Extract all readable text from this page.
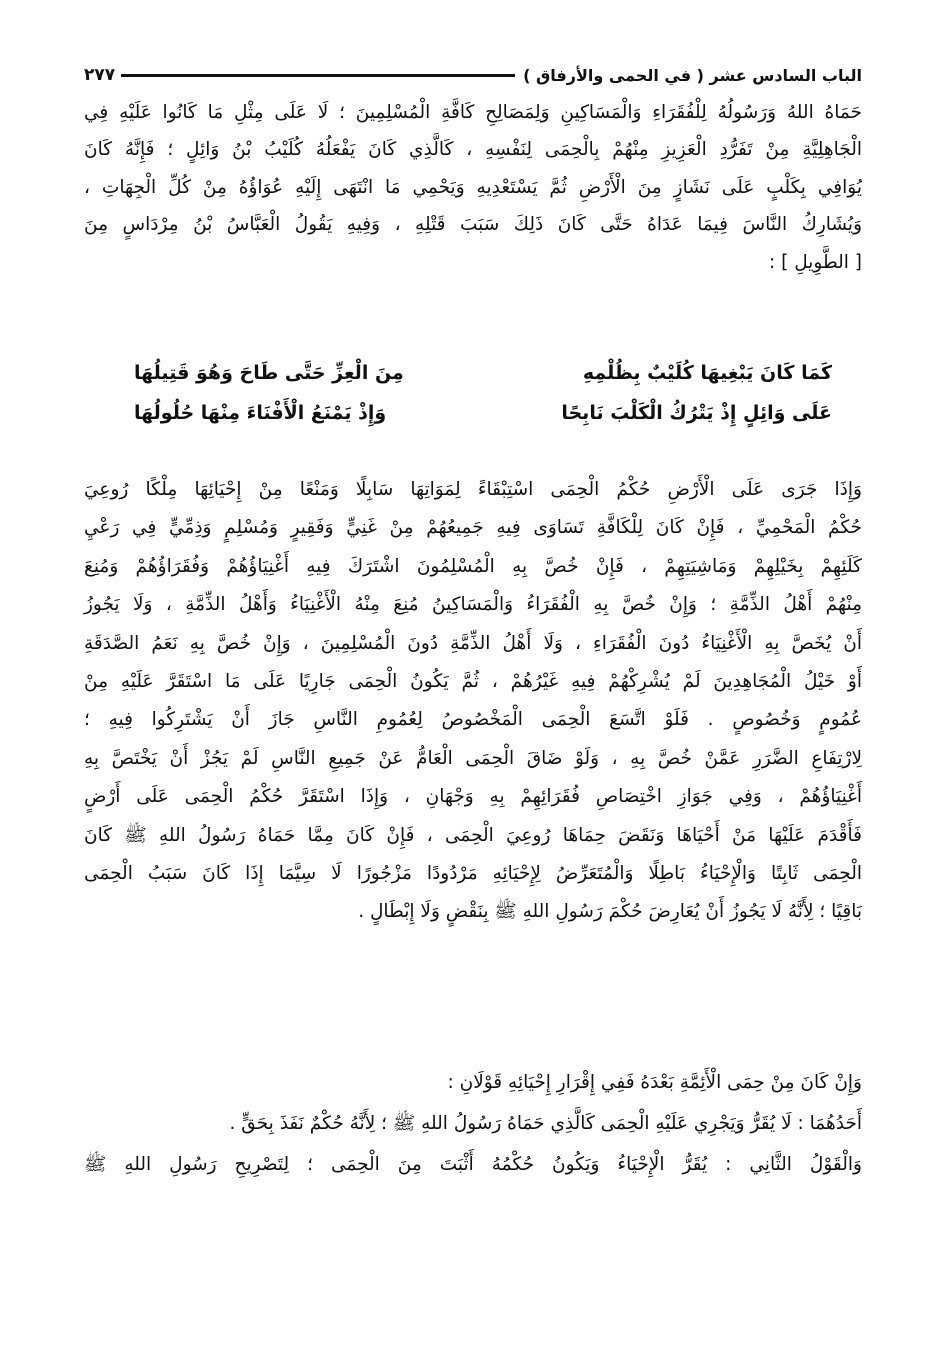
٢٧٧	الباب السادس عشر ( في الحمى والأرفاق )
حَمَاهُ اللهُ وَرَسُولُهُ لِلْفُقَرَاءِ وَالْمَسَاكِينِ وَلِمَصَالِحِ كَافَّةِ الْمُسْلِمِينَ ؛ لَا عَلَى مِثْلِ مَا كَانُوا عَلَيْهِ فِي
الْجَاهِلِيَّةِ مِنْ تَفَرُّدِ الْعَزِيزِ مِنْهُمْ بِالْحِمَى لِنَفْسِهِ ، كَالَّذِي كَانَ يَفْعَلُهُ كُلَيْبُ بْنُ وَائِلٍ ؛ فَإِنَّهُ كَانَ
يُوَافِي بِكَلْبٍ عَلَى نَشَازٍ مِنَ الْأَرْضِ ثُمَّ يَسْتَعْدِيهِ وَيَحْمِي مَا انْتَهَى إِلَيْهِ عُوَاؤُهُ مِنْ كُلِّ الْجِهَاتِ ،
وَيُشَارِكُ النَّاسَ فِيمَا عَدَاهُ حَتَّى كَانَ ذَلِكَ سَبَبَ قَتْلِهِ ، وَفِيهِ يَقُولُ الْعَبَّاسُ بْنُ مِرْدَاسٍ مِنَ
[ الطَّوِيلِ ] :
كَمَا كَانَ يَبْغِيهَا كُلَيْبٌ بِظُلْمِهِ
مِنَ الْعِزِّ حَتَّى طَاحَ وَهُوَ قَتِيلُهَا
عَلَى وَائِلٍ إِذْ يَتْرُكُ الْكَلْبَ نَابِحًا
وَإِذْ يَمْنَعُ الْأَفْنَاءَ مِنْهَا حُلُولُهَا
وَإِذَا جَرَى عَلَى الْأَرْضِ حُكْمُ الْحِمَى اسْتِبْقَاءً لِمَوَاتِهَا سَابِلًا وَمَنْعًا مِنْ إِحْيَائِهَا مِلْكًا رُوعِيَ
حُكْمُ الْمَحْمِيِّ ، فَإِنْ كَانَ لِلْكَافَّةِ تَسَاوَى فِيهِ جَمِيعُهُمْ مِنْ غَنِيٍّ وَفَقِيرٍ وَمُسْلِمٍ وَذِمِّيٍّ فِي رَعْيِ
كَلَئِهِمْ بِخَيْلِهِمْ وَمَاشِيَتِهِمْ ، فَإِنْ خُصَّ بِهِ الْمُسْلِمُونَ اشْتَرَكَ فِيهِ أَغْنِيَاؤُهُمْ وَفُقَرَاؤُهُمْ وَمُنِعَ
مِنْهُمْ أَهْلُ الذِّمَّةِ ؛ وَإِنْ خُصَّ بِهِ الْفُقَرَاءُ وَالْمَسَاكِينُ مُنِعَ مِنْهُ الْأَغْنِيَاءُ وَأَهْلُ الذِّمَّةِ ، وَلَا يَجُوزُ
أَنْ يُخَصَّ بِهِ الْأَغْنِيَاءُ دُونَ الْفُقَرَاءِ ، وَلَا أَهْلُ الذِّمَّةِ دُونَ الْمُسْلِمِينَ ، وَإِنْ خُصَّ بِهِ نَعَمُ الصَّدَقَةِ
أَوْ خَيْلُ الْمُجَاهِدِينَ لَمْ يُشْرِكْهُمْ فِيهِ غَيْرُهُمْ ، ثُمَّ يَكُونُ الْحِمَى جَارِيًا عَلَى مَا اسْتَقَرَّ عَلَيْهِ مِنْ
عُمُومٍ وَخُصُوصٍ . فَلَوْ اتَّسَعَ الْحِمَى الْمَخْصُوصُ لِعُمُومِ النَّاسِ جَازَ أَنْ يَشْتَرِكُوا فِيهِ ؛
لِارْتِفَاعِ الضَّرَرِ عَمَّنْ خُصَّ بِهِ ، وَلَوْ ضَاقَ الْحِمَى الْعَامُّ عَنْ جَمِيعِ النَّاسِ لَمْ يَجُزْ أَنْ يَخْتَصَّ بِهِ
أَغْنِيَاؤُهُمْ ، وَفِي جَوَازِ اخْتِصَاصِ فُقَرَائِهِمْ بِهِ وَجْهَانِ ، وَإِذَا اسْتَقَرَّ حُكْمُ الْحِمَى عَلَى أَرْضٍ
فَأَقْدَمَ عَلَيْهَا مَنْ أَحْيَاهَا وَنَقَضَ حِمَاهَا رُوعِيَ الْحِمَى ، فَإِنْ كَانَ مِمَّا حَمَاهُ رَسُولُ اللهِ ﷺ كَانَ
الْحِمَى ثَابِتًا وَالْإِحْيَاءُ بَاطِلًا وَالْمُتَعَرِّضُ لِإِحْيَائِهِ مَرْدُودًا مَزْجُورًا لَا سِيَّمَا إِذَا كَانَ سَبَبُ الْحِمَى
بَاقِيًا ؛ لِأَنَّهُ لَا يَجُوزُ أَنْ يُعَارِضَ حُكْمَ رَسُولِ اللهِ ﷺ بِنَقْضٍ وَلَا إِبْطَالٍ .
وَإِنْ كَانَ مِنْ حِمَى الْأَئِمَّةِ بَعْدَهُ فَفِي إِقْرَارِ إِحْيَائِهِ قَوْلَانِ :
أَحَدُهُمَا : لَا يُقَرُّ وَيَجْرِي عَلَيْهِ الْحِمَى كَالَّذِي حَمَاهُ رَسُولُ اللهِ ﷺ ؛ لِأَنَّهُ حُكْمٌ نَفَذَ بِحَقٍّ .
وَالْقَوْلُ الثَّانِي : يُقَرُّ الْإِحْيَاءُ وَيَكُونُ حُكْمُهُ أَثْبَتَ مِنَ الْحِمَى ؛ لِتَصْرِيحِ رَسُولِ اللهِ ﷺ
